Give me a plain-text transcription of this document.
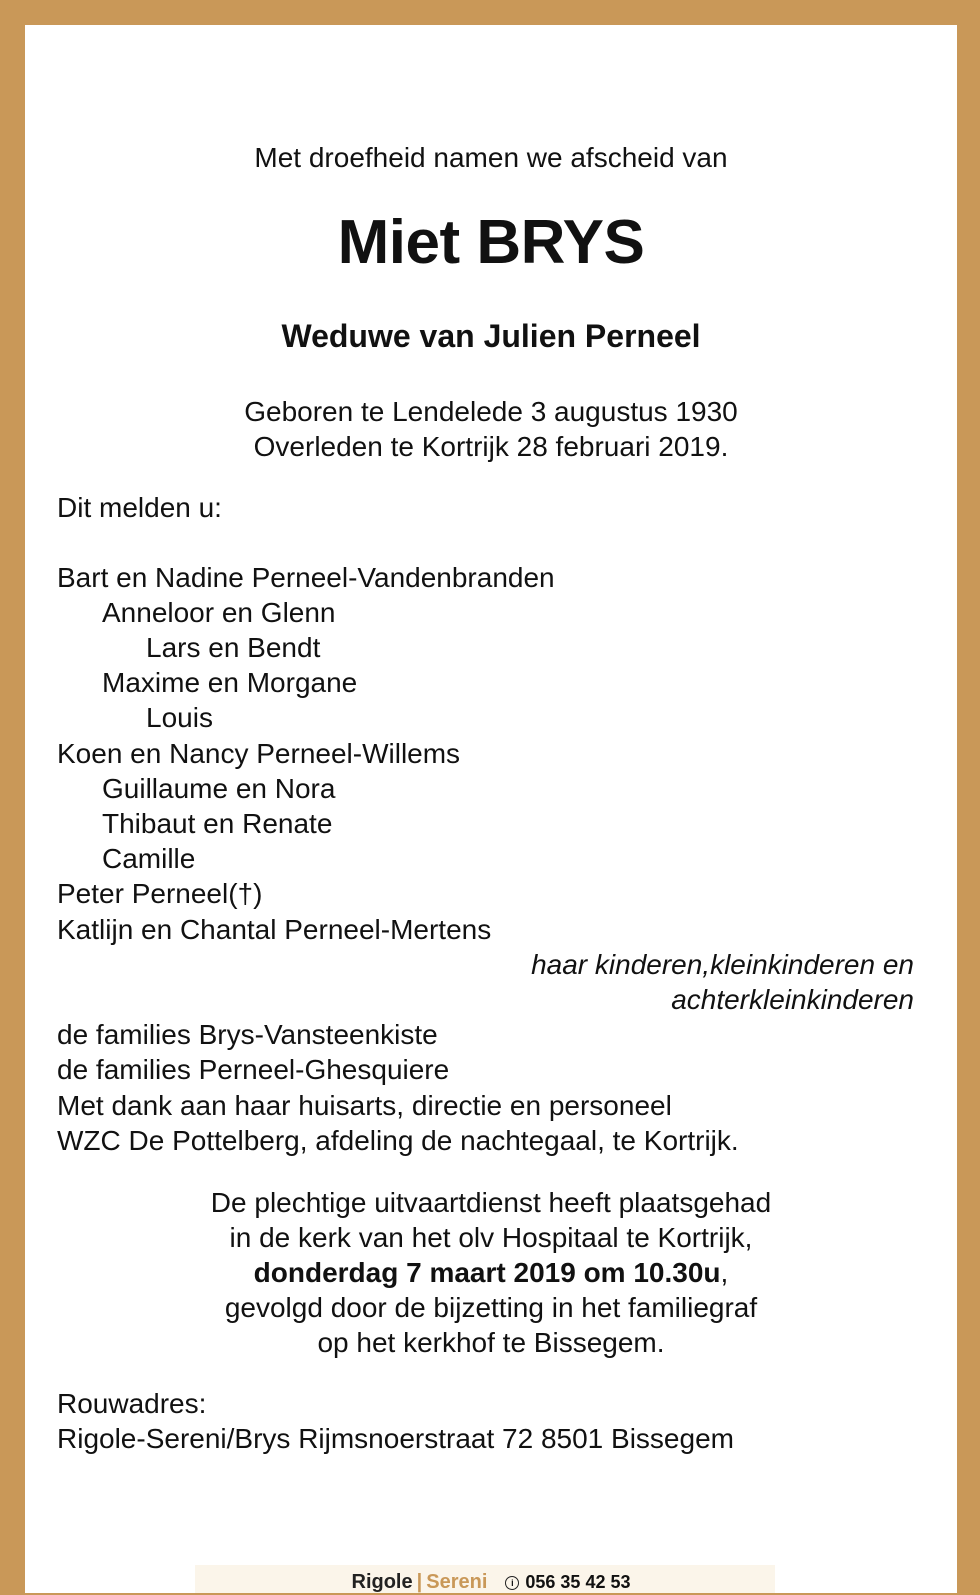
Met droefheid namen we afscheid van
Miet BRYS
Weduwe van Julien Perneel
Geboren te Lendelede 3 augustus 1930
Overleden te Kortrijk 28 februari 2019.
Dit melden u:
Bart en Nadine Perneel-Vandenbranden
Anneloor en Glenn
Lars en Bendt
Maxime en Morgane
Louis
Koen en Nancy Perneel-Willems
Guillaume en Nora
Thibaut en Renate
Camille
Peter Perneel(†)
Katlijn en Chantal Perneel-Mertens
haar kinderen,kleinkinderen en
achterkleinkinderen
de families Brys-Vansteenkiste
de families Perneel-Ghesquiere
Met dank aan haar huisarts, directie en personeel
WZC De Pottelberg, afdeling de nachtegaal, te Kortrijk.
De plechtige uitvaartdienst heeft plaatsgehad
in de kerk van het olv Hospitaal te Kortrijk,
donderdag 7 maart 2019 om 10.30u,
gevolgd door de bijzetting in het familiegraf
op het kerkhof te Bissegem.
Rouwadres:
Rigole-Sereni/Brys Rijmsnoerstraat 72 8501 Bissegem
Rigole | Sereni	i 056 35 42 53
